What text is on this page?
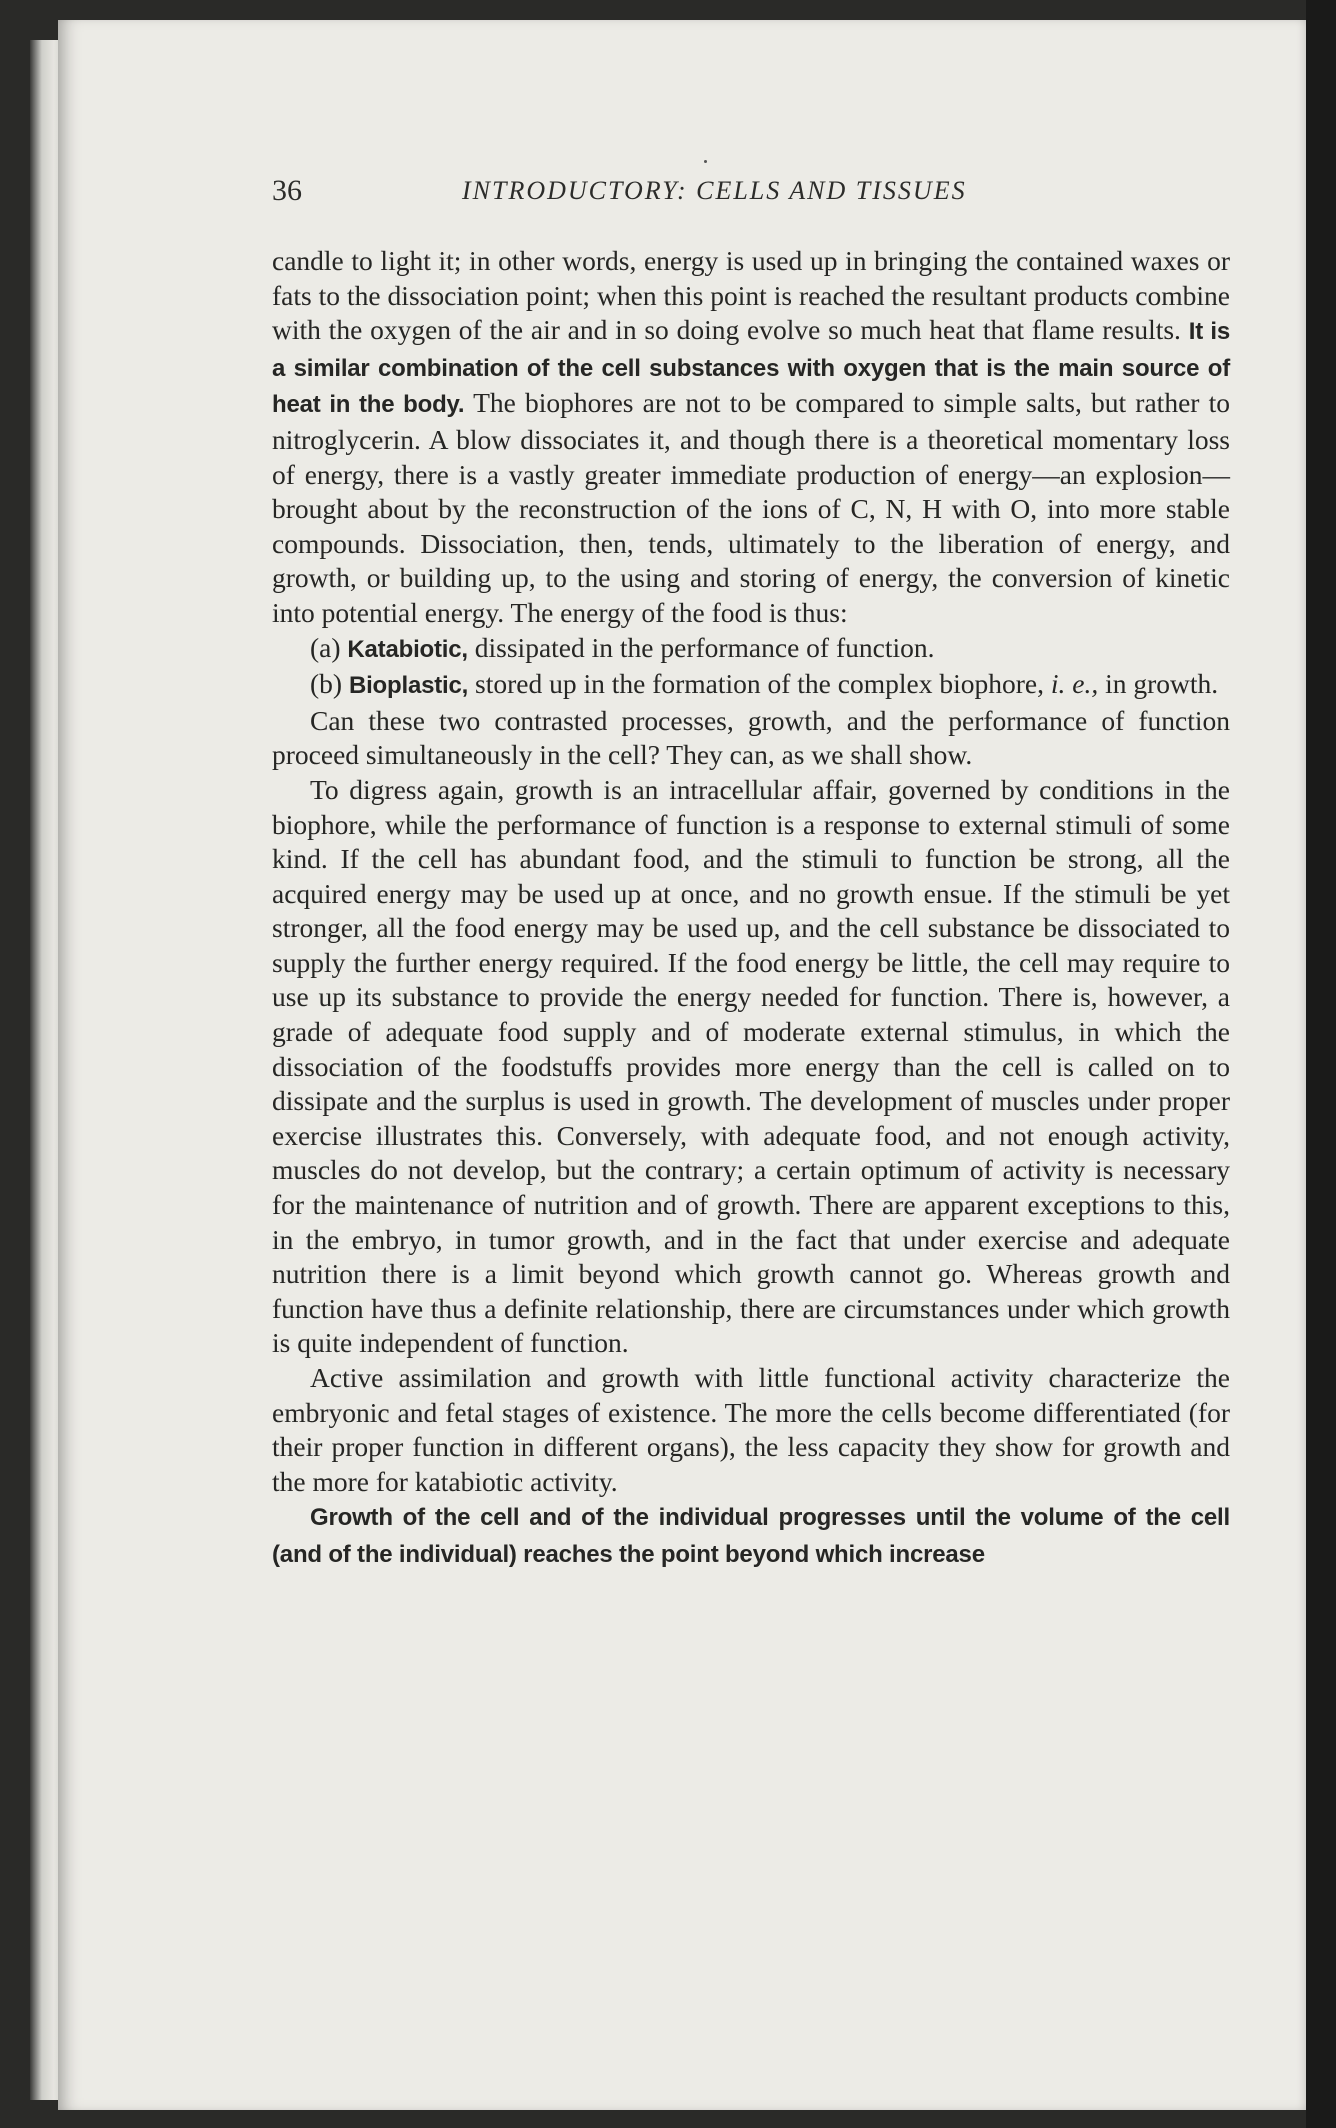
36	INTRODUCTORY: CELLS AND TISSUES

candle to light it; in other words, energy is used up in bringing the contained waxes or fats to the dissociation point; when this point is reached the resultant products combine with the oxygen of the air and in so doing evolve so much heat that flame results. It is a similar combination of the cell substances with oxygen that is the main source of heat in the body. The biophores are not to be compared to simple salts, but rather to nitroglycerin. A blow dissociates it, and though there is a theoretical momentary loss of energy, there is a vastly greater immediate production of energy—an explosion—brought about by the reconstruction of the ions of C, N, H with O, into more stable compounds. Dissociation, then, tends, ultimately to the liberation of energy, and growth, or building up, to the using and storing of energy, the conversion of kinetic into potential energy. The energy of the food is thus:

(a) Katabiotic, dissipated in the performance of function.

(b) Bioplastic, stored up in the formation of the complex biophore, i. e., in growth.

Can these two contrasted processes, growth, and the performance of function proceed simultaneously in the cell? They can, as we shall show.

To digress again, growth is an intracellular affair, governed by conditions in the biophore, while the performance of function is a response to external stimuli of some kind. If the cell has abundant food, and the stimuli to function be strong, all the acquired energy may be used up at once, and no growth ensue. If the stimuli be yet stronger, all the food energy may be used up, and the cell substance be dissociated to supply the further energy required. If the food energy be little, the cell may require to use up its substance to provide the energy needed for function. There is, however, a grade of adequate food supply and of moderate external stimulus, in which the dissociation of the foodstuffs provides more energy than the cell is called on to dissipate and the surplus is used in growth. The development of muscles under proper exercise illustrates this. Conversely, with adequate food, and not enough activity, muscles do not develop, but the contrary; a certain optimum of activity is necessary for the maintenance of nutrition and of growth. There are apparent exceptions to this, in the embryo, in tumor growth, and in the fact that under exercise and adequate nutrition there is a limit beyond which growth cannot go. Whereas growth and function have thus a definite relationship, there are circumstances under which growth is quite independent of function.

Active assimilation and growth with little functional activity characterize the embryonic and fetal stages of existence. The more the cells become differentiated (for their proper function in different organs), the less capacity they show for growth and the more for katabiotic activity.

Growth of the cell and of the individual progresses until the volume of the cell (and of the individual) reaches the point beyond which increase
